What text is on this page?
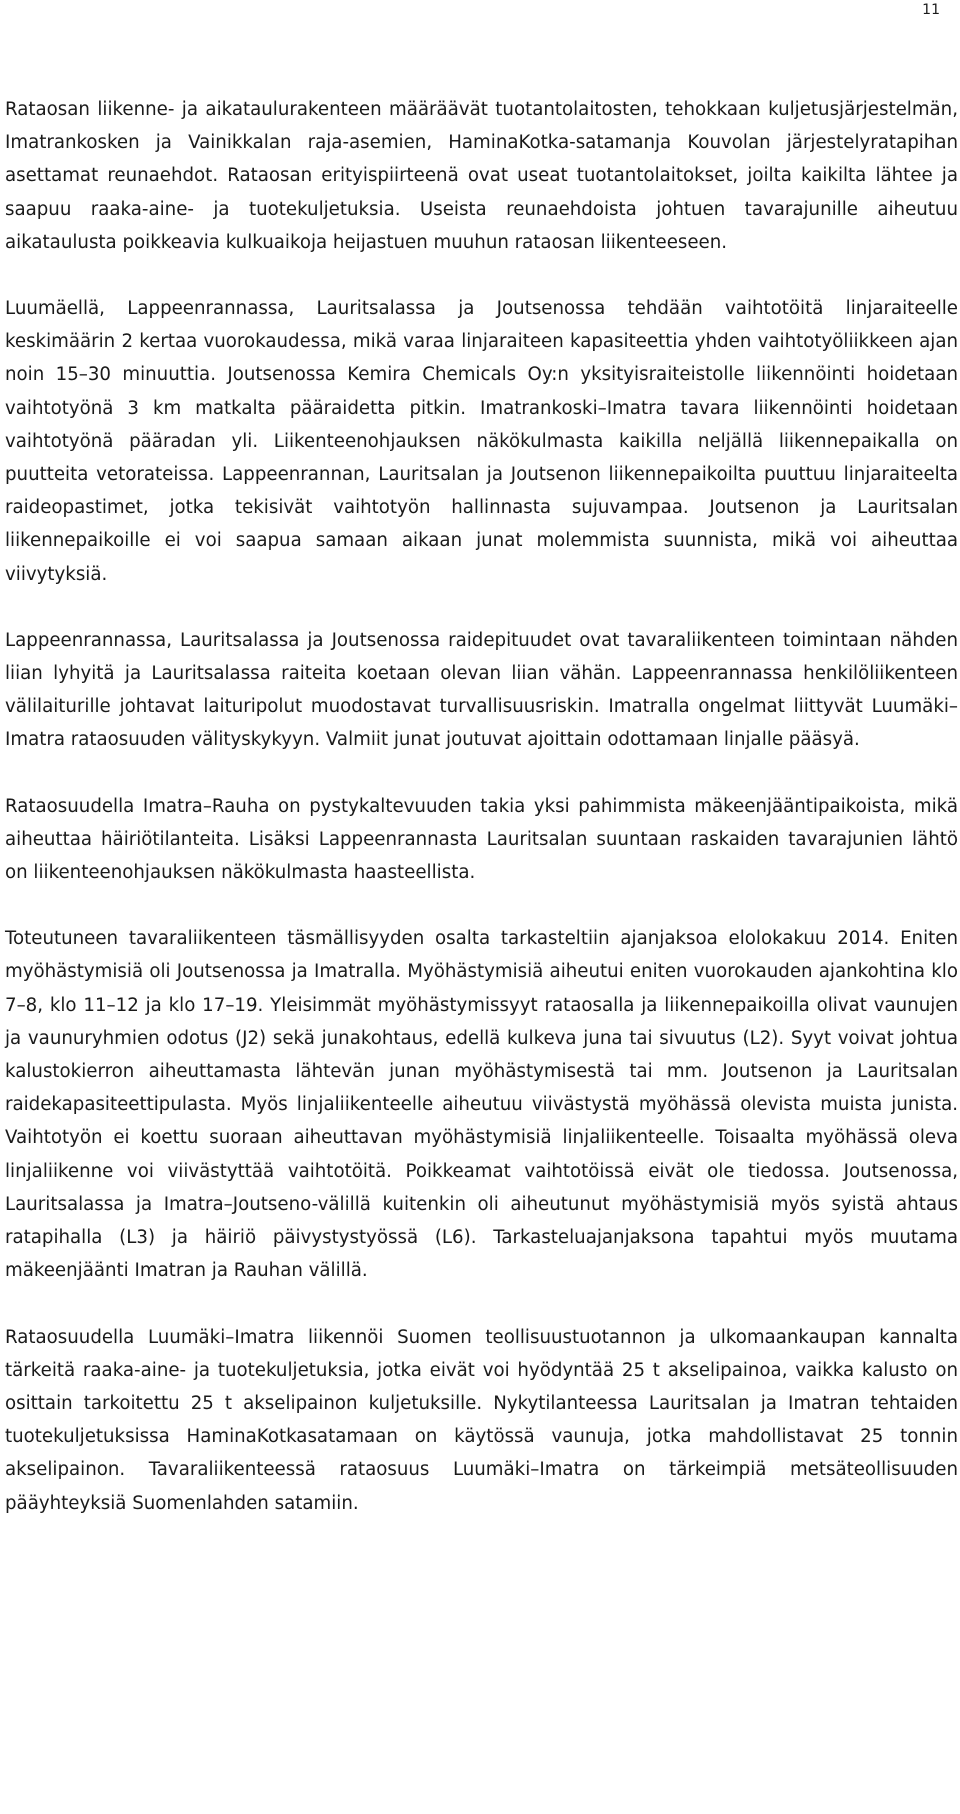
11

Rataosan liikenne- ja aikataulurakenteen määräävät tuotantolaitosten, tehokkaan kuljetusjärjestelmän, Imatrankosken ja Vainikkalan raja-asemien, HaminaKotka-satamanja Kouvolan järjestelyratapihan asettamat reunaehdot. Rataosan erityispiirteenä ovat useat tuotantolaitokset, joilta kaikilta lähtee ja saapuu raaka-aine- ja tuotekuljetuksia. Useista reunaehdoista johtuen tavarajunille aiheutuu aikataulusta poikkeavia kulkuaikoja heijastuen muuhun rataosan liikenteeseen.

Luumäellä, Lappeenrannassa, Lauritsalassa ja Joutsenossa tehdään vaihtotöitä linjaraiteelle keskimäärin 2 kertaa vuorokaudessa, mikä varaa linjaraiteen kapasiteettia yhden vaihtotyöliikkeen ajan noin 15–30 minuuttia. Joutsenossa Kemira Chemicals Oy:n yksityisraiteistolle liikennöinti hoidetaan vaihtotyönä 3 km matkalta pääraidetta pitkin. Imatrankoski–Imatra tavara liikennöinti hoidetaan vaihtotyönä pääradan yli. Liikenteenohjauksen näkökulmasta kaikilla neljällä liikennepaikalla on puutteita vetorateissa. Lappeenrannan, Lauritsalan ja Joutsenon liikennepaikoilta puuttuu linjaraiteelta raideopastimet, jotka tekisivät vaihtotyön hallinnasta sujuvampaa. Joutsenon ja Lauritsalan liikennepaikoille ei voi saapua samaan aikaan junat molemmista suunnista, mikä voi aiheuttaa viivytyksiä.

Lappeenrannassa, Lauritsalassa ja Joutsenossa raidepituudet ovat tavaraliikenteen toimintaan nähden liian lyhyitä ja Lauritsalassa raiteita koetaan olevan liian vähän. Lappeenrannassa henkilöliikenteen välilaiturille johtavat laituripolut muodostavat turvallisuusriskin. Imatralla ongelmat liittyvät Luumäki–Imatra rataosuuden välityskykyyn. Valmiit junat joutuvat ajoittain odottamaan linjalle pääsyä.

Rataosuudella Imatra–Rauha on pystykaltevuuden takia yksi pahimmista mäkeenjääntipaikoista, mikä aiheuttaa häiriötilanteita. Lisäksi Lappeenrannasta Lauritsalan suuntaan raskaiden tavarajunien lähtö on liikenteenohjauksen näkökulmasta haasteellista.

Toteutuneen tavaraliikenteen täsmällisyyden osalta tarkasteltiin ajanjaksoa elolokakuu 2014. Eniten myöhästymisiä oli Joutsenossa ja Imatralla. Myöhästymisiä aiheutui eniten vuorokauden ajankohtina klo 7–8, klo 11–12 ja klo 17–19. Yleisimmät myöhästymissyyt rataosalla ja liikennepaikoilla olivat vaunujen ja vaunuryhmien odotus (J2) sekä junakohtaus, edellä kulkeva juna tai sivuutus (L2). Syyt voivat johtua kalustokierron aiheuttamasta lähtevän junan myöhästymisestä tai mm. Joutsenon ja Lauritsalan raidekapasiteettipulasta. Myös linjaliikenteelle aiheutuu viivästystä myöhässä olevista muista junista. Vaihtotyön ei koettu suoraan aiheuttavan myöhästymisiä linjaliikenteelle. Toisaalta myöhässä oleva linjaliikenne voi viivästyttää vaihtotöitä. Poikkeamat vaihtotöissä eivät ole tiedossa. Joutsenossa, Lauritsalassa ja Imatra–Joutseno-välillä kuitenkin oli aiheutunut myöhästymisiä myös syistä ahtaus ratapihalla (L3) ja häiriö päivystystyössä (L6). Tarkasteluajanjaksona tapahtui myös muutama mäkeenjäänti Imatran ja Rauhan välillä.

Rataosuudella Luumäki–Imatra liikennöi Suomen teollisuustuotannon ja ulkomaankaupan kannalta tärkeitä raaka-aine- ja tuotekuljetuksia, jotka eivät voi hyödyntää 25 t akselipainoa, vaikka kalusto on osittain tarkoitettu 25 t akselipainon kuljetuksille. Nykytilanteessa Lauritsalan ja Imatran tehtaiden tuotekuljetuksissa HaminaKotkasatamaan on käytössä vaunuja, jotka mahdollistavat 25 tonnin akselipainon. Tavaraliikenteessä rataosuus Luumäki–Imatra on tärkeimpiä metsäteollisuuden pääyhteyksiä Suomenlahden satamiin.
